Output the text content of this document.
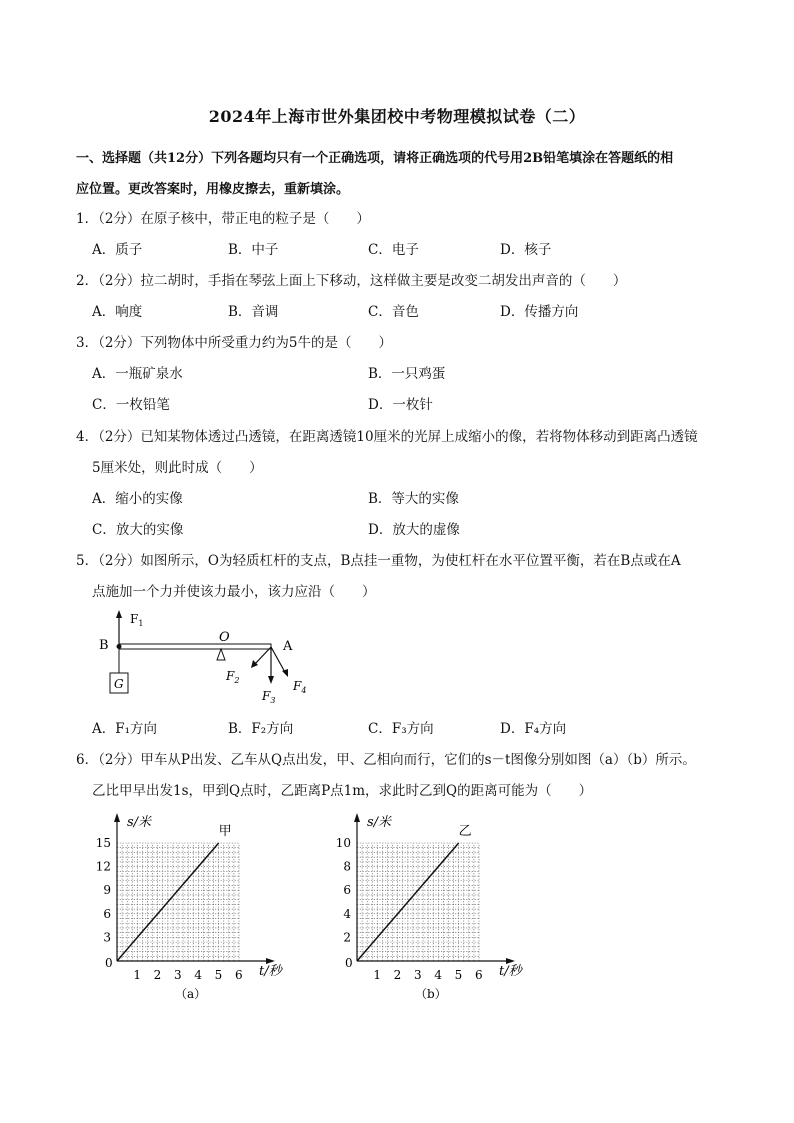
2024年上海市世外集团校中考物理模拟试卷（二）
一、选择题（共12分）下列各题均只有一个正确选项，请将正确选项的代号用2B铅笔填涂在答题纸的相
应位置。更改答案时，用橡皮擦去，重新填涂。
1．（2分）在原子核中，带正电的粒子是（　　）
A．质子	B．中子	C．电子	D．核子
2．（2分）拉二胡时，手指在琴弦上面上下移动，这样做主要是改变二胡发出声音的（　　）
A．响度	B．音调	C．音色	D．传播方向
3．（2分）下列物体中所受重力约为5牛的是（　　）
A．一瓶矿泉水	B．一只鸡蛋
C．一枚铅笔	D．一枚针
4．（2分）已知某物体透过凸透镜，在距离透镜10厘米的光屏上成缩小的像，若将物体移动到距离凸透镜
5厘米处，则此时成（　　）
A．缩小的实像	B．等大的实像
C．放大的实像	D．放大的虚像
5．（2分）如图所示，O为轻质杠杆的支点，B点挂一重物，为使杠杆在水平位置平衡，若在B点或在A
点施加一个力并使该力最小，该力应沿（　　）
$F_1$
B
O
A
G
$F_2$
$F_3$
$F_4$
A．F₁方向	B．F₂方向	C．F₃方向	D．F₄方向
6．（2分）甲车从P出发、乙车从Q点出发，甲、乙相向而行，它们的s－t图像分别如图（a）（b）所示。
乙比甲早出发1s，甲到Q点时，乙距离P点1m，求此时乙到Q的距离可能为（　　）
s/米
t/秒
0
1 2 3 4 5 6
3
6
9
12
15
甲
（a）
s/米
t/秒
0
1 2 3 4 5 6
2
4
6
8
10
乙
（b）
